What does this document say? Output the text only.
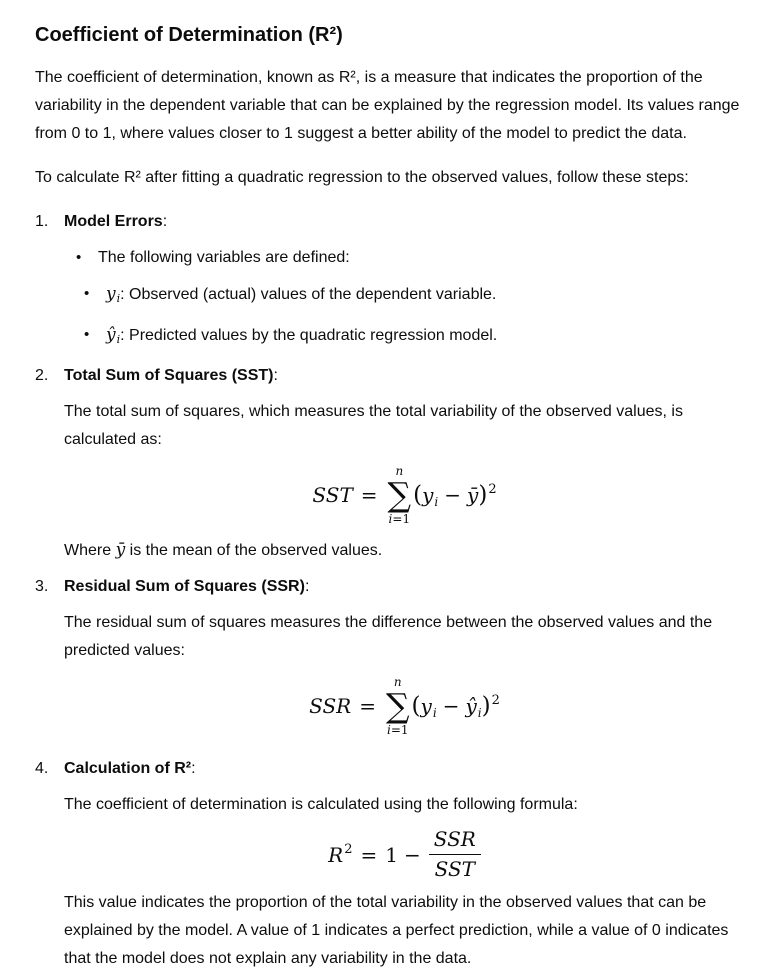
Coefficient of Determination (R²)

The coefficient of determination, known as R², is a measure that indicates the proportion of the variability in the dependent variable that can be explained by the regression model. Its values range from 0 to 1, where values closer to 1 suggest a better ability of the model to predict the data.

To calculate R² after fitting a quadratic regression to the observed values, follow these steps:

1. Model Errors:
•	The following variables are defined:
• yi: Observed (actual) values of the dependent variable.
• ŷi: Predicted values by the quadratic regression model.
2. Total Sum of Squares (SST):

The total sum of squares, which measures the total variability of the observed values, is calculated as:

SST =
n
∑
i=1
($y_i$ − ȳ)$^2$

Where ȳ is the mean of the observed values.

3. Residual Sum of Squares (SSR):

The residual sum of squares measures the difference between the observed values and the predicted values:

SSR =
n
∑
i=1
($y_i$ − $ŷ_i)^2$
4. Calculation of R²:

The coefficient of determination is calculated using the following formula:

$R^2 = 1 - \frac{\text{SSR}}{\text{SST}}$

This value indicates the proportion of the total variability in the observed values that can be explained by the model. A value of 1 indicates a perfect prediction, while a value of 0 indicates that the model does not explain any variability in the data.
